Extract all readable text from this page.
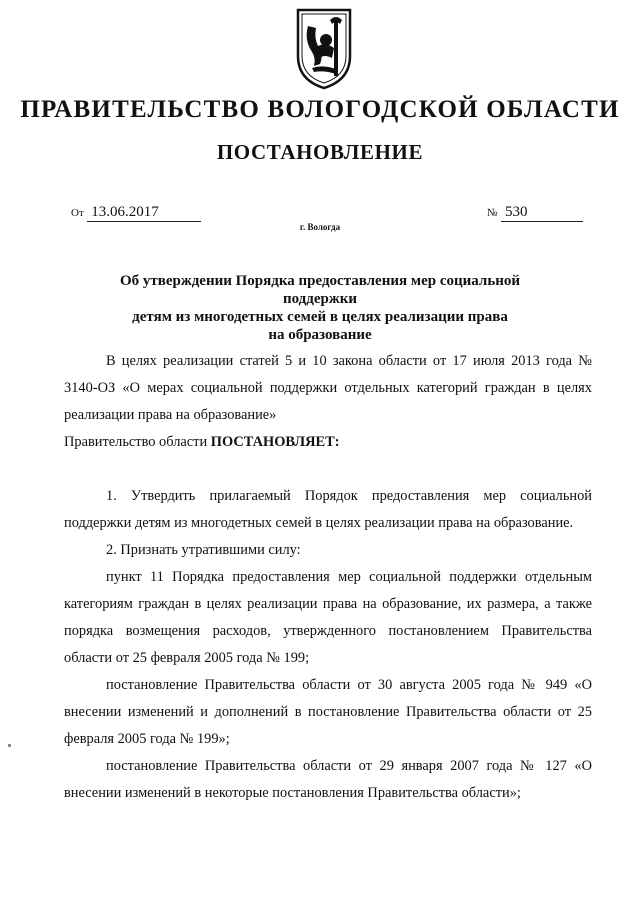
ПРАВИТЕЛЬСТВО ВОЛОГОДСКОЙ ОБЛАСТИ
ПОСТАНОВЛЕНИЕ
От 13.06.2017	№ 530
г. Вологда
Об утверждении Порядка предоставления мер социальной поддержки
детям из многодетных семей в целях реализации права
на образование

В целях реализации статей 5 и 10 закона области от 17 июля 2013 года № 3140-ОЗ «О мерах социальной поддержки отдельных категорий граждан в целях реализации права на образование»

Правительство области ПОСТАНОВЛЯЕТ:

1. Утвердить прилагаемый Порядок предоставления мер социальной поддержки детям из многодетных семей в целях реализации права на образование.

2. Признать утратившими силу:

пункт 11 Порядка предоставления мер социальной поддержки отдельным категориям граждан в целях реализации права на образование, их размера, а также порядка возмещения расходов, утвержденного постановлением Правительства области от 25 февраля 2005 года № 199;

постановление Правительства области от 30 августа 2005 года № 949 «О внесении изменений и дополнений в постановление Правительства области от 25 февраля 2005 года № 199»;

постановление Правительства области от 29 января 2007 года № 127 «О внесении изменений в некоторые постановления Правительства области»;
